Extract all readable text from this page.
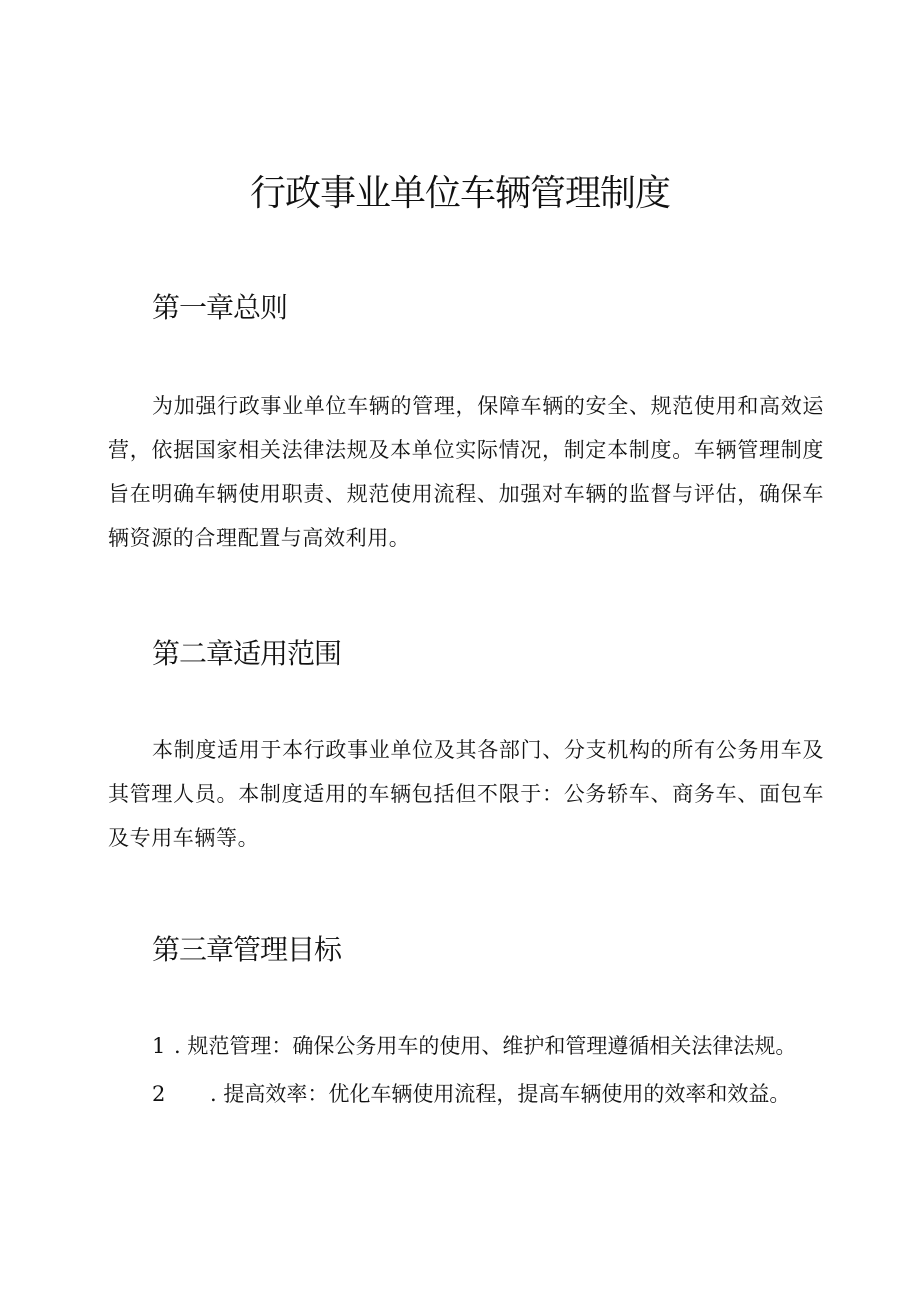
行政事业单位车辆管理制度
第一章总则
为加强行政事业单位车辆的管理，保障车辆的安全、规范使用和高效运营，依据国家相关法律法规及本单位实际情况，制定本制度。车辆管理制度旨在明确车辆使用职责、规范使用流程、加强对车辆的监督与评估，确保车辆资源的合理配置与高效利用。
第二章适用范围
本制度适用于本行政事业单位及其各部门、分支机构的所有公务用车及其管理人员。本制度适用的车辆包括但不限于：公务轿车、商务车、面包车及专用车辆等。
第三章管理目标
1 . 规范管理：确保公务用车的使用、维护和管理遵循相关法律法规。
2 . 提高效率：优化车辆使用流程，提高车辆使用的效率和效益。
